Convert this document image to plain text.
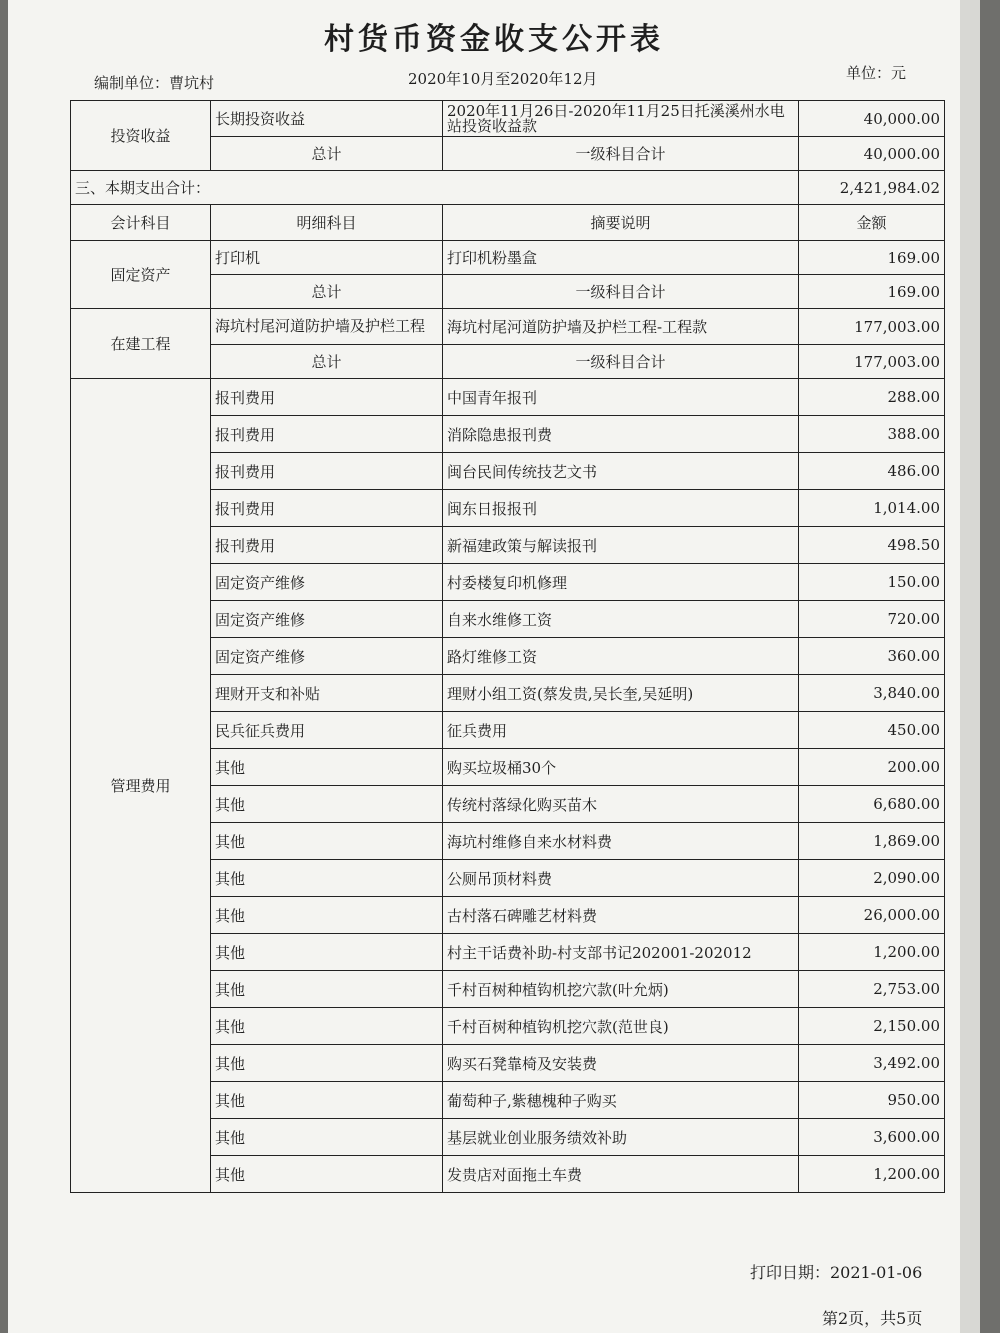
村货币资金收支公开表
编制单位：曹坑村	2020年10月至2020年12月	单位：元
投资收益	长期投资收益	2020年11月26日-2020年11月25日托溪溪州水电站投资收益款	40,000.00
	总计	一级科目合计	40,000.00
三、本期支出合计：			2,421,984.02
会计科目	明细科目	摘要说明	金额
固定资产	打印机	打印机粉墨盒	169.00
	总计	一级科目合计	169.00
在建工程	海坑村尾河道防护墙及护栏工程	海坑村尾河道防护墙及护栏工程-工程款	177,003.00
	总计	一级科目合计	177,003.00
管理费用	报刊费用	中国青年报刊	288.00
	报刊费用	消除隐患报刊费	388.00
	报刊费用	闽台民间传统技艺文书	486.00
	报刊费用	闽东日报报刊	1,014.00
	报刊费用	新福建政策与解读报刊	498.50
	固定资产维修	村委楼复印机修理	150.00
	固定资产维修	自来水维修工资	720.00
	固定资产维修	路灯维修工资	360.00
	理财开支和补贴	理财小组工资(蔡发贵,吴长奎,吴延明)	3,840.00
	民兵征兵费用	征兵费用	450.00
	其他	购买垃圾桶30个	200.00
	其他	传统村落绿化购买苗木	6,680.00
	其他	海坑村维修自来水材料费	1,869.00
	其他	公厕吊顶材料费	2,090.00
	其他	古村落石碑雕艺材料费	26,000.00
	其他	村主干话费补助-村支部书记202001-202012	1,200.00
	其他	千村百树种植钩机挖穴款(叶允炳)	2,753.00
	其他	千村百树种植钩机挖穴款(范世良)	2,150.00
	其他	购买石凳靠椅及安装费	3,492.00
	其他	葡萄种子,紫穗槐种子购买	950.00
	其他	基层就业创业服务绩效补助	3,600.00
	其他	发贵店对面拖土车费	1,200.00
打印日期：2021-01-06
第2页，共5页
